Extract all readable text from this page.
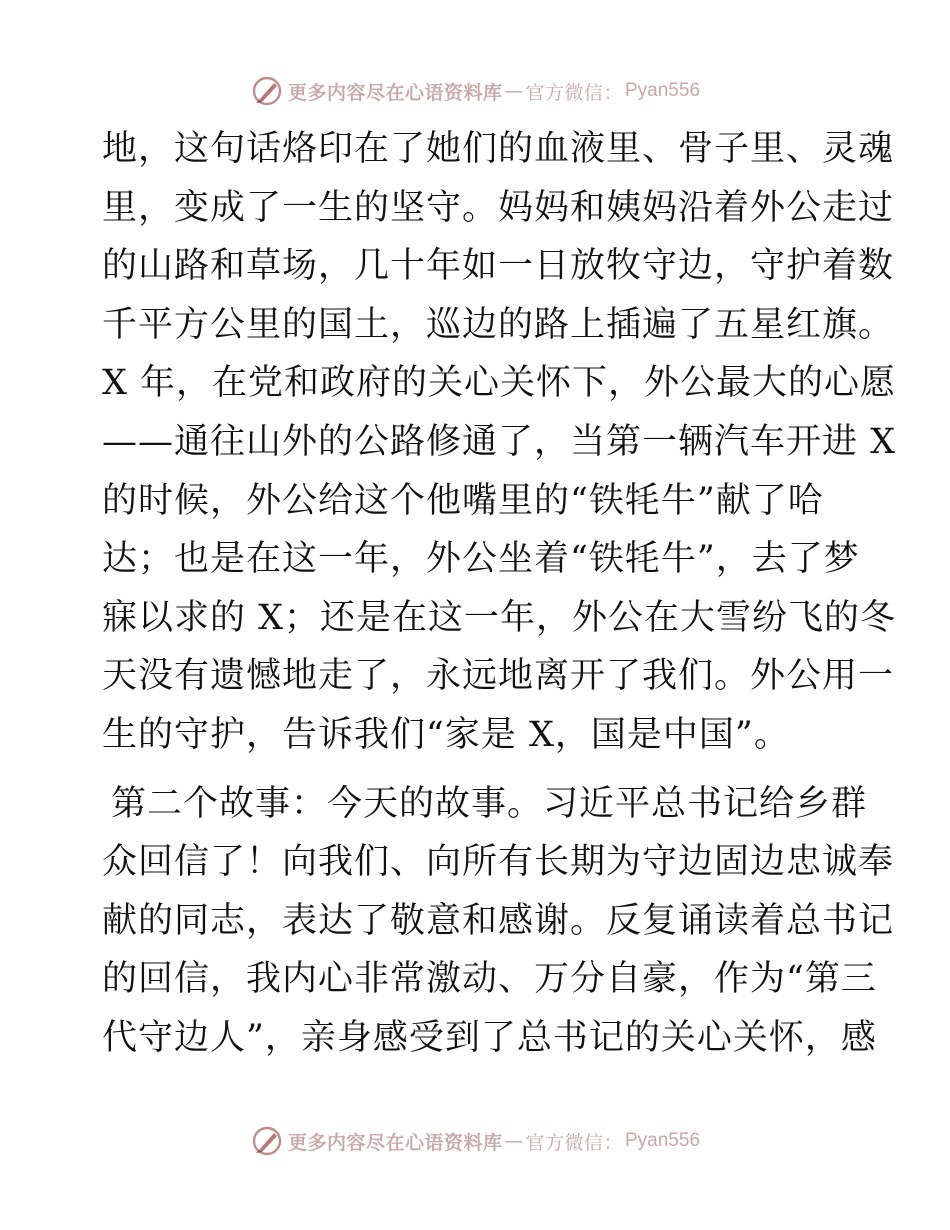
更多内容尽在心语资料库 — 官方微信： Pyan556
地，这句话烙印在了她们的血液里、骨子里、灵魂
里，变成了一生的坚守。妈妈和姨妈沿着外公走过
的山路和草场，几十年如一日放牧守边，守护着数
千平方公里的国土，巡边的路上插遍了五星红旗。
X 年，在党和政府的关心关怀下，外公最大的心愿
——通往山外的公路修通了，当第一辆汽车开进 X
的时候，外公给这个他嘴里的“铁牦牛”献了哈
达；也是在这一年，外公坐着“铁牦牛”，去了梦
寐以求的 X；还是在这一年，外公在大雪纷飞的冬
天没有遗憾地走了，永远地离开了我们。外公用一
生的守护，告诉我们“家是 X，国是中国”。
第二个故事：今天的故事。习近平总书记给乡群
众回信了！向我们、向所有长期为守边固边忠诚奉
献的同志，表达了敬意和感谢。反复诵读着总书记
的回信，我内心非常激动、万分自豪，作为“第三
代守边人”，亲身感受到了总书记的关心关怀，感
更多内容尽在心语资料库 — 官方微信： Pyan556
